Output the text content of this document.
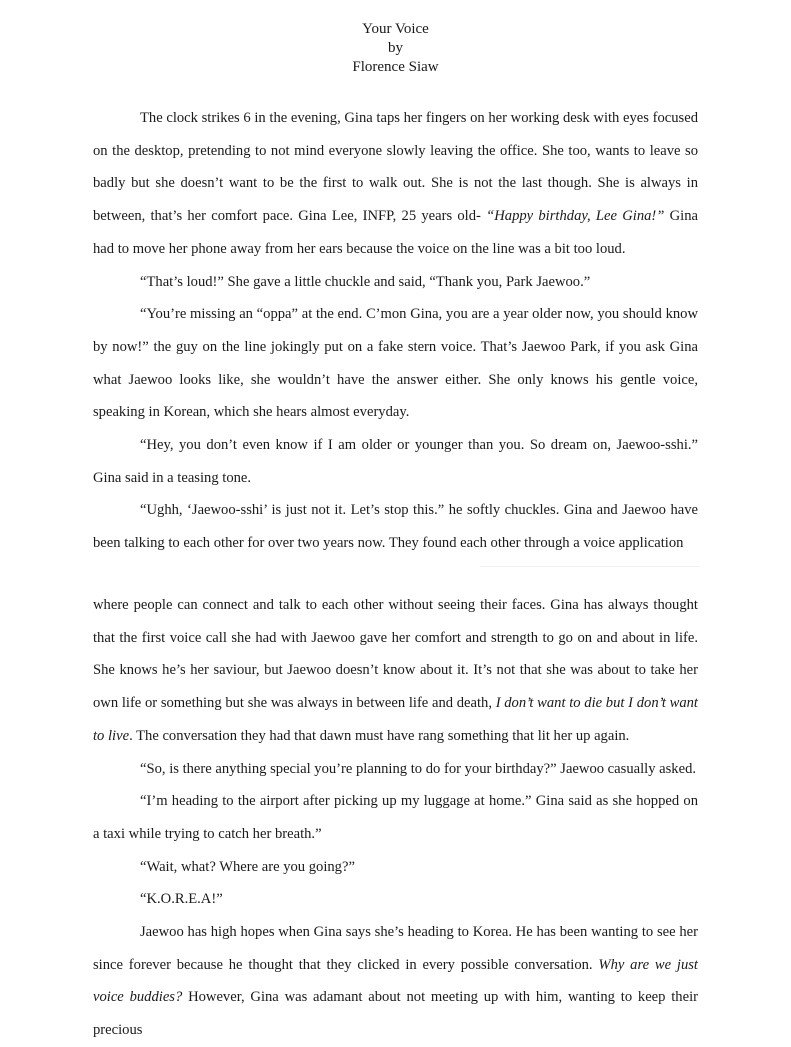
Your Voice
by
Florence Siaw

The clock strikes 6 in the evening, Gina taps her fingers on her working desk with eyes focused on the desktop, pretending to not mind everyone slowly leaving the office. She too, wants to leave so badly but she doesn’t want to be the first to walk out. She is not the last though. She is always in between, that’s her comfort pace. Gina Lee, INFP, 25 years old- “Happy birthday, Lee Gina!” Gina had to move her phone away from her ears because the voice on the line was a bit too loud.

“That’s loud!” She gave a little chuckle and said, “Thank you, Park Jaewoo.”

“You’re missing an “oppa” at the end. C’mon Gina, you are a year older now, you should know by now!” the guy on the line jokingly put on a fake stern voice. That’s Jaewoo Park, if you ask Gina what Jaewoo looks like, she wouldn’t have the answer either. She only knows his gentle voice, speaking in Korean, which she hears almost everyday.

“Hey, you don’t even know if I am older or younger than you. So dream on, Jaewoo-sshi.” Gina said in a teasing tone.

“Ughh, ‘Jaewoo-sshi’ is just not it. Let’s stop this.” he softly chuckles. Gina and Jaewoo have been talking to each other for over two years now. They found each other through a voice application

where people can connect and talk to each other without seeing their faces. Gina has always thought that the first voice call she had with Jaewoo gave her comfort and strength to go on and about in life. She knows he’s her saviour, but Jaewoo doesn’t know about it. It’s not that she was about to take her own life or something but she was always in between life and death, I don’t want to die but I don’t want to live. The conversation they had that dawn must have rang something that lit her up again.

“So, is there anything special you’re planning to do for your birthday?” Jaewoo casually asked.

“I’m heading to the airport after picking up my luggage at home.” Gina said as she hopped on a taxi while trying to catch her breath.”

“Wait, what? Where are you going?”

“K.O.R.E.A!”

Jaewoo has high hopes when Gina says she’s heading to Korea. He has been wanting to see her since forever because he thought that they clicked in every possible conversation. Why are we just voice buddies? However, Gina was adamant about not meeting up with him, wanting to keep their precious
